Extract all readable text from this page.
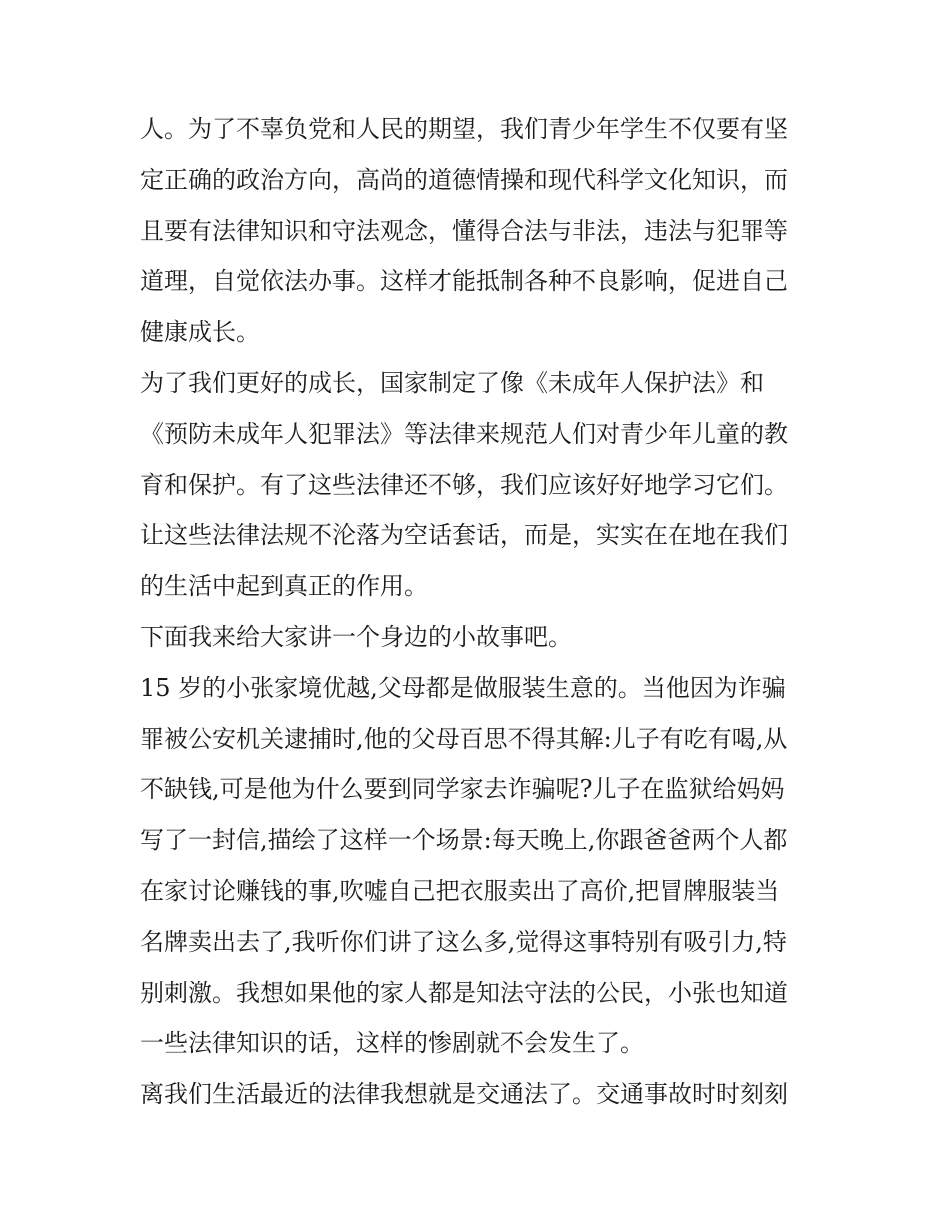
人。为了不辜负党和人民的期望，我们青少年学生不仅要有坚
定正确的政治方向，高尚的道德情操和现代科学文化知识，而
且要有法律知识和守法观念，懂得合法与非法，违法与犯罪等
道理，自觉依法办事。这样才能抵制各种不良影响，促进自己
健康成长。
为了我们更好的成长，国家制定了像《未成年人保护法》和
《预防未成年人犯罪法》等法律来规范人们对青少年儿童的教
育和保护。有了这些法律还不够，我们应该好好地学习它们。
让这些法律法规不沦落为空话套话，而是，实实在在地在我们
的生活中起到真正的作用。
下面我来给大家讲一个身边的小故事吧。
15 岁的小张家境优越,父母都是做服装生意的。当他因为诈骗
罪被公安机关逮捕时,他的父母百思不得其解:儿子有吃有喝,从
不缺钱,可是他为什么要到同学家去诈骗呢?儿子在监狱给妈妈
写了一封信,描绘了这样一个场景:每天晚上,你跟爸爸两个人都
在家讨论赚钱的事,吹嘘自己把衣服卖出了高价,把冒牌服装当
名牌卖出去了,我听你们讲了这么多,觉得这事特别有吸引力,特
别刺激。我想如果他的家人都是知法守法的公民，小张也知道
一些法律知识的话，这样的惨剧就不会发生了。
离我们生活最近的法律我想就是交通法了。交通事故时时刻刻
